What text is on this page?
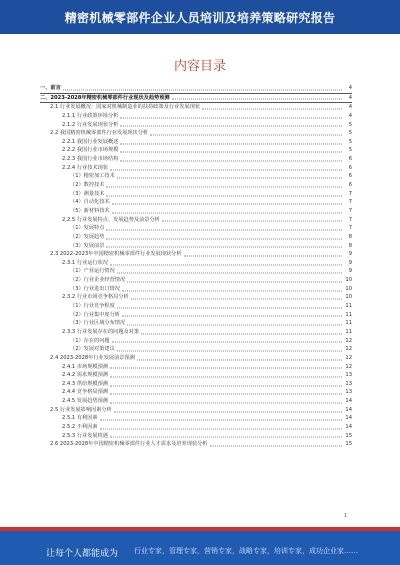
精密机械零部件企业人员培训及培养策略研究报告
内容目录
一、前言	4
二、2023-2028年精密机械零部件行业现状及趋势预测	4
2.1 行业发展概况：国家对机械制造业的扶持政策及行业发展现状	4
2.1.1 行业政策环境分析	4
2.1.2 行业发展现状分析	5
2.2 我国精密机械零部件行业发展现状分析	5
2.2.1 我国行业发展概述	5
2.2.2 我国行业市场规模	5
2.2.3 我国行业市场结构	6
2.2.4 行业技术现状	6
（1）精密加工技术	6
（2）数控技术	6
（3）测量技术	7
（4）自动化技术	7
（5）新材料技术	7
2.2.5 行业发展特点、发展趋势及前景分析	7
（1）发展特点	7
（2）发展趋势	8
（3）发展前景	8
2.3 2022-2023年中国精密机械零部件行业发展现状分析	9
2.3.1 行业运行状况	9
（1）产业运行情况	9
（2）行业企业经营情况	10
（3）行业进出口情况	10
2.3.2 行业市场竞争格局分析	10
（1）行业竞争程度	11
（2）行业集中度分析	11
（3）行业区域分布情况	11
2.3.3 行业发展存在的问题及对策	11
（1）存在的问题	12
（2）发展对策建议	12
2.4 2023-2028年行业发展前景预测	12
2.4.1 市场规模预测	12
2.4.2 需求规模预测	13
2.4.3 供给规模预测	13
2.4.4 竞争格局预测	13
2.4.5 发展趋势预测	14
2.5 行业发展影响因素分析	14
2.5.1 有利因素	14
2.5.2 不利因素	14
2.5.3 行业发展机遇	15
2.6 2023-2028年中国精密机械零部件行业人才需求及培养现状分析	15
1
让每个人都能成为 行业专家，管理专家，营销专家，战略专家，培训专家，成功企业家……
